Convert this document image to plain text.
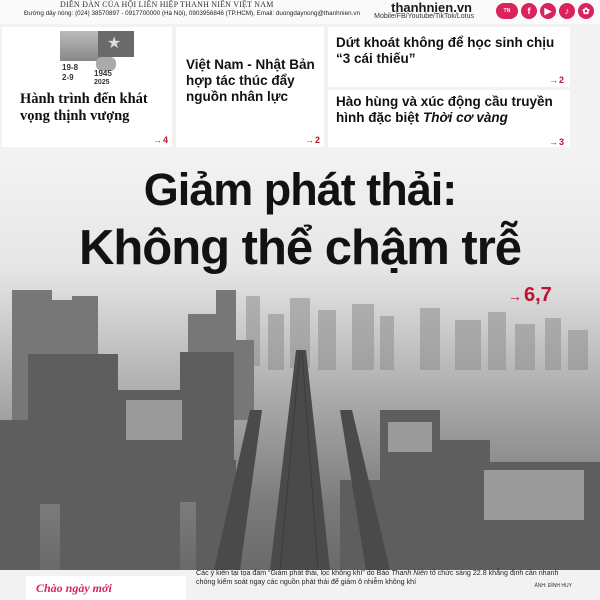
DIỄN ĐÀN CỦA HỘI LIÊN HIỆP THANH NIÊN VIỆT NAM
Đường dây nóng: (024) 38570897 - 0917700000 (Hà Nội), 0903956846 (TP.HCM), Email: duongdaynong@thanhnien.vn thanhnien.vn
Mobile/FB/Youtube/TikTok/Lotus
TN	f	▶	♪	✿
★
19-8
2-9	1945
2025
Hành trình đến khát vọng thịnh vượng
→ 4
Việt Nam - Nhật Bản hợp tác thúc đẩy nguồn nhân lực
→ 2
Dứt khoát không để học sinh chịu “3 cái thiếu”
→ 2
Hào hùng và xúc động cầu truyền hình đặc biệt Thời cơ vàng
→ 3
Giảm phát thải:
Không thể chậm trễ
→ 6,7
ẢNH: ĐÌNH HUY
Các ý kiến tại tọa đàm “Giảm phát thải, lọc không khí” do Báo Thanh Niên tổ chức sáng 22.8 khẳng định cần nhanh chóng kiểm soát ngay các nguồn phát thải để giảm ô nhiễm không khí
Chào ngày mới
